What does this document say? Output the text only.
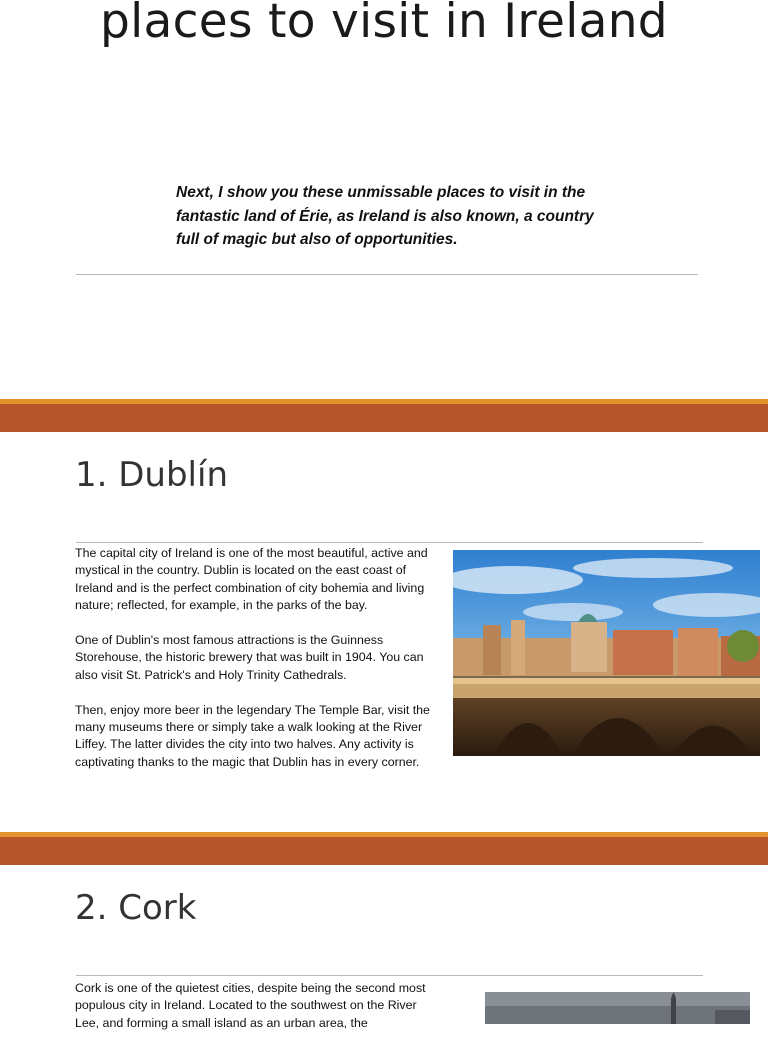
places to visit in Ireland

Next, I show you these unmissable places to visit in the fantastic land of Érie, as Ireland is also known, a country full of magic but also of opportunities.

1. Dublín

The capital city of Ireland is one of the most beautiful, active and mystical in the country. Dublin is located on the east coast of Ireland and is the perfect combination of city bohemia and living nature; reflected, for example, in the parks of the bay.

One of Dublin's most famous attractions is the Guinness Storehouse, the historic brewery that was built in 1904. You can also visit St. Patrick's and Holy Trinity Cathedrals.

Then, enjoy more beer in the legendary The Temple Bar, visit the many museums there or simply take a walk looking at the River Liffey. The latter divides the city into two halves. Any activity is captivating thanks to the magic that Dublin has in every corner.

2. Cork

Cork is one of the quietest cities, despite being the second most populous city in Ireland. Located to the southwest on the River Lee, and forming a small island as an urban area, the
